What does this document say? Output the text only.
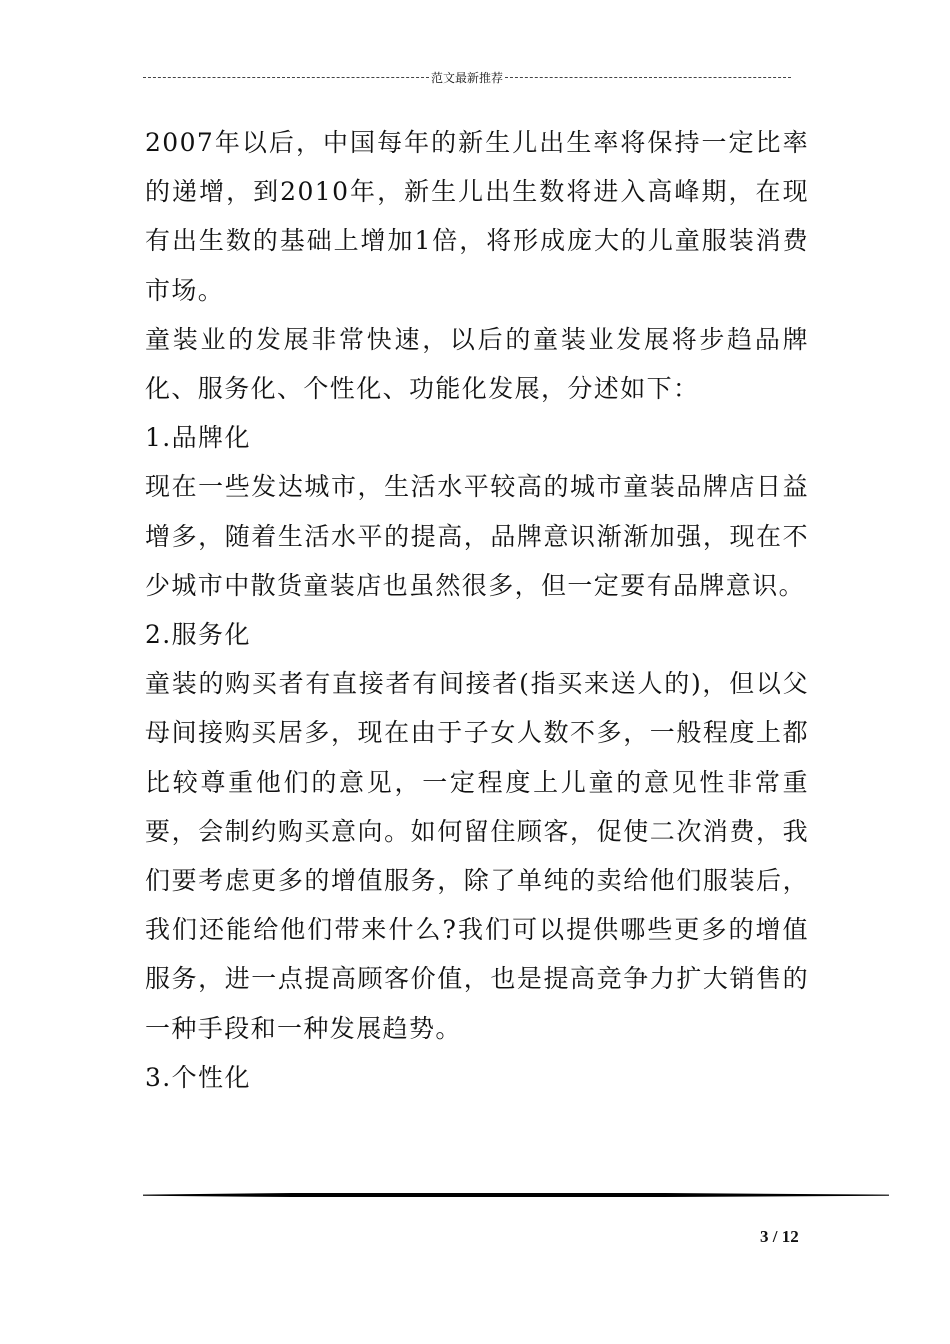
范文最新推荐

2007年以后，中国每年的新生儿出生率将保持一定比率的递增，到2010年，新生儿出生数将进入高峰期，在现有出生数的基础上增加1倍，将形成庞大的儿童服装消费市场。

童装业的发展非常快速，以后的童装业发展将步趋品牌化、服务化、个性化、功能化发展，分述如下：

1.品牌化

现在一些发达城市，生活水平较高的城市童装品牌店日益增多，随着生活水平的提高，品牌意识渐渐加强，现在不少城市中散货童装店也虽然很多，但一定要有品牌意识。

2.服务化

童装的购买者有直接者有间接者(指买来送人的)，但以父母间接购买居多，现在由于子女人数不多，一般程度上都比较尊重他们的意见，一定程度上儿童的意见性非常重要，会制约购买意向。如何留住顾客，促使二次消费，我们要考虑更多的增值服务，除了单纯的卖给他们服装后，我们还能给他们带来什么?我们可以提供哪些更多的增值服务，进一点提高顾客价值，也是提高竞争力扩大销售的一种手段和一种发展趋势。

3.个性化

3 / 12
